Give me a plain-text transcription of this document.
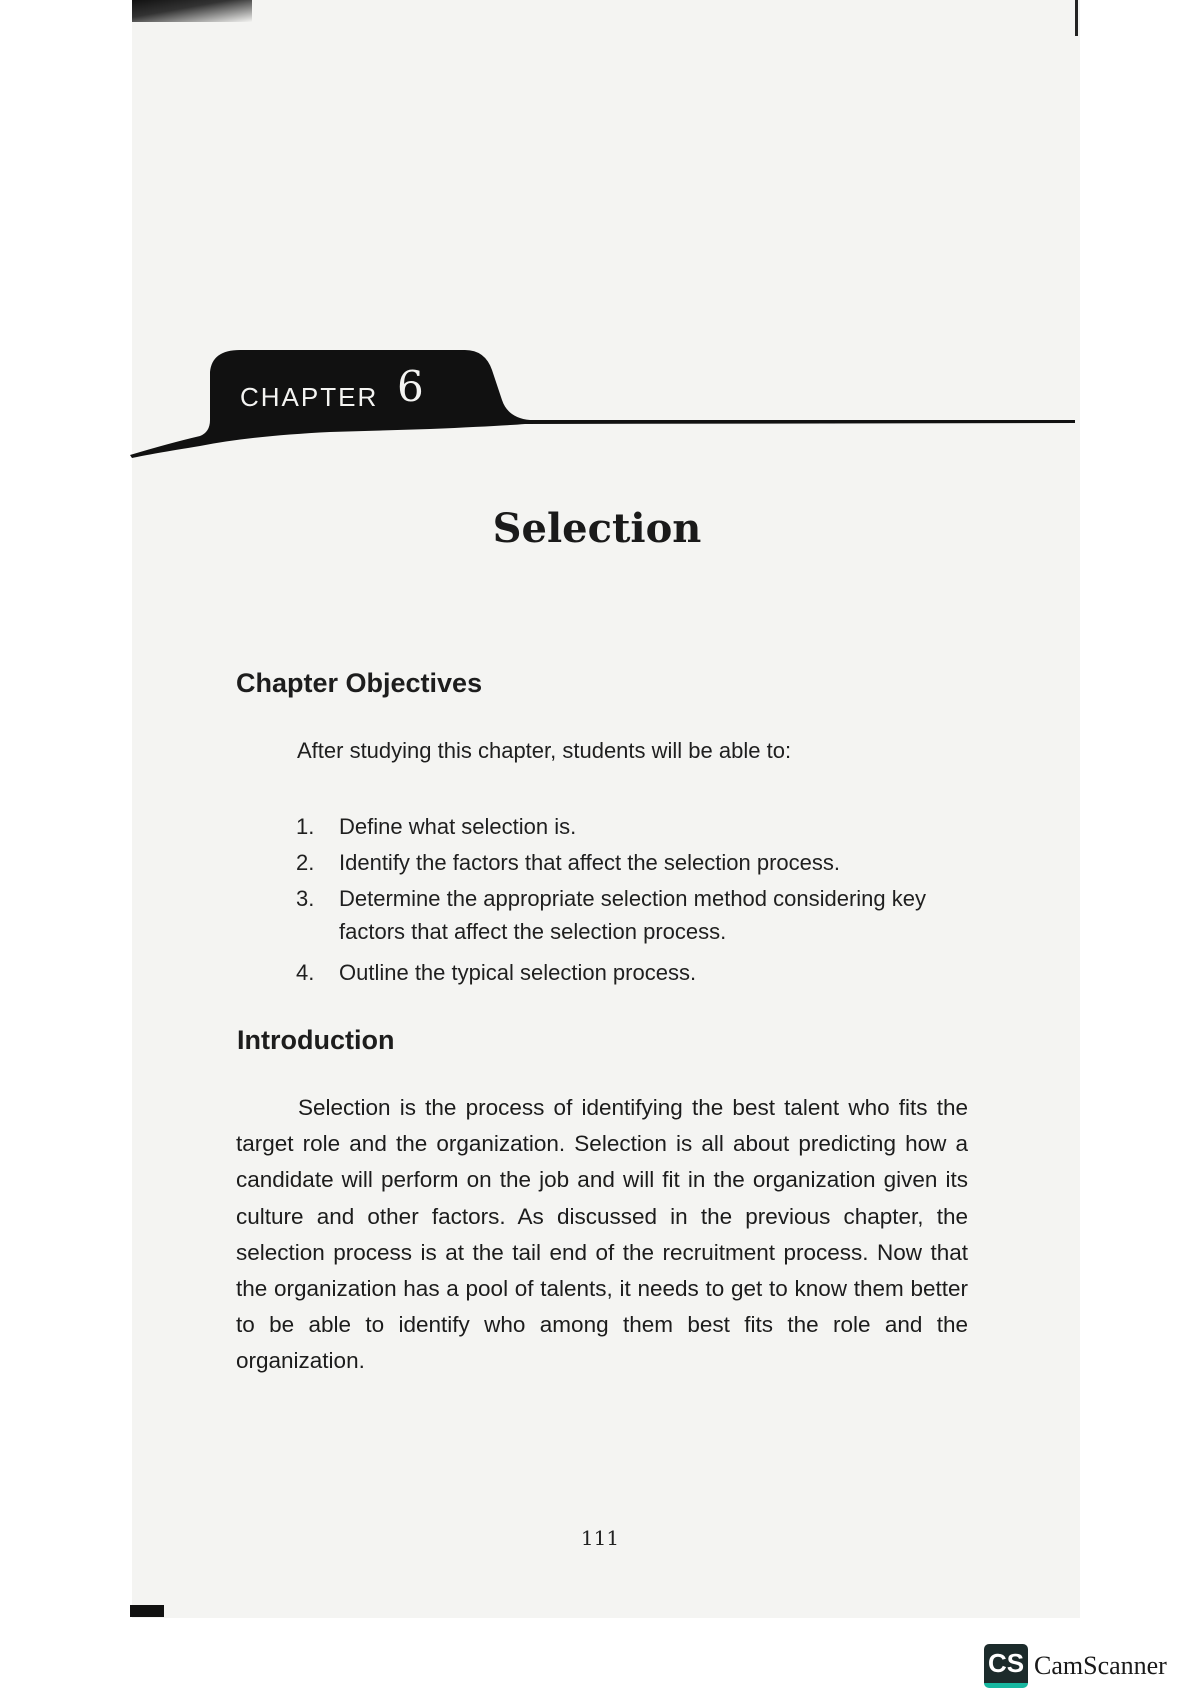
CHAPTER 6
Selection
Chapter Objectives

After studying this chapter, students will be able to:

1.	Define what selection is.
2.	Identify the factors that affect the selection process.
3.	Determine the appropriate selection method considering key factors that affect the selection process.
4.	Outline the typical selection process.
Introduction

Selection is the process of identifying the best talent who fits the target role and the organization. Selection is all about predicting how a candidate will perform on the job and will fit in the organization given its culture and other factors. As discussed in the previous chapter, the selection process is at the tail end of the recruitment process. Now that the organization has a pool of talents, it needs to get to know them better to be able to identify who among them best fits the role and the organization.

111

CS CamScanner
